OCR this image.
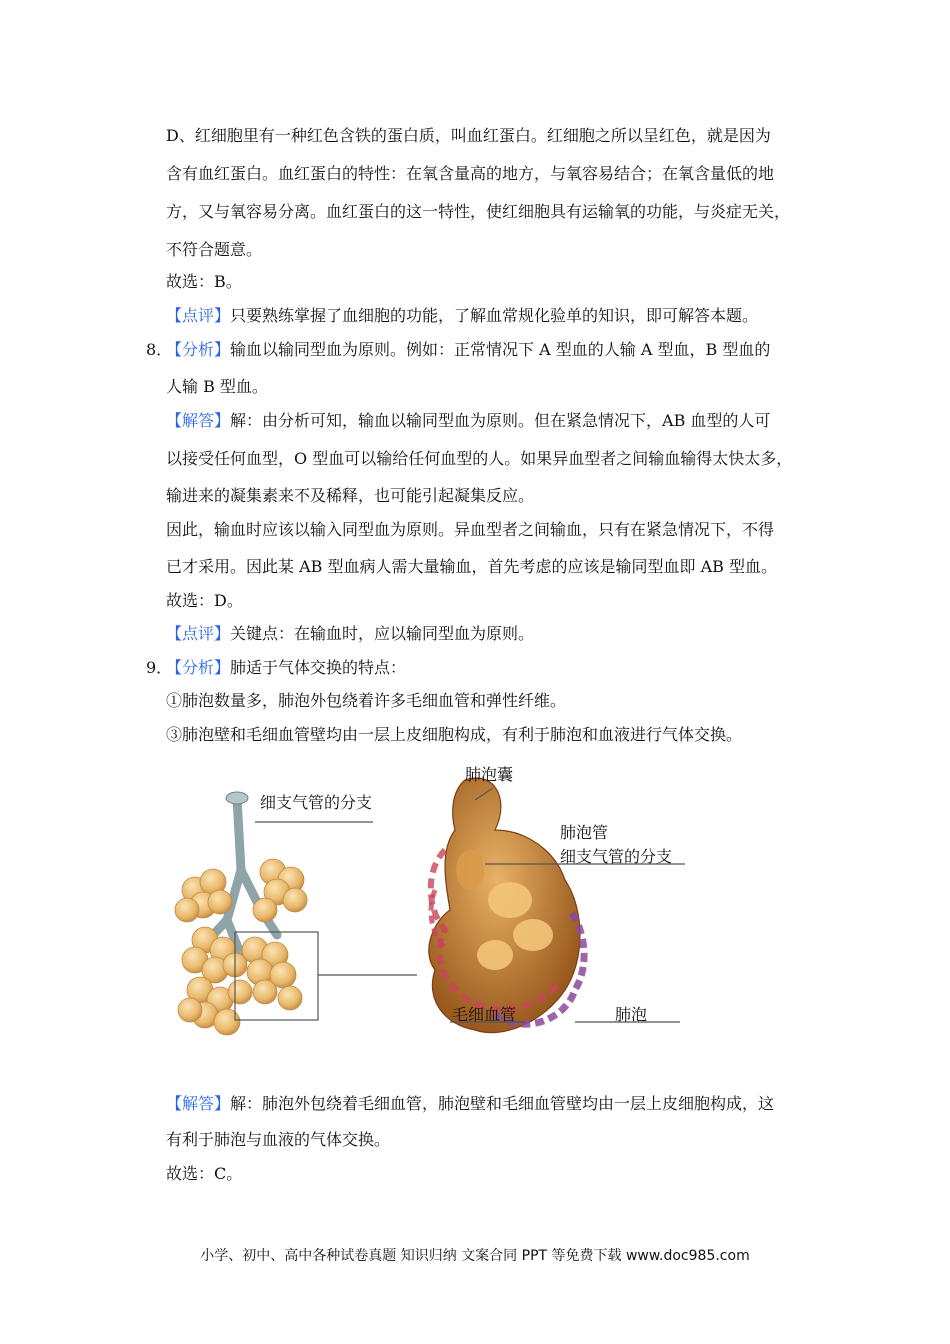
D、红细胞里有一种红色含铁的蛋白质，叫血红蛋白。红细胞之所以呈红色，就是因为
含有血红蛋白。血红蛋白的特性：在氧含量高的地方，与氧容易结合；在氧含量低的地
方，又与氧容易分离。血红蛋白的这一特性，使红细胞具有运输氧的功能，与炎症无关，
不符合题意。
故选：B。
【点评】只要熟练掌握了血细胞的功能，了解血常规化验单的知识，即可解答本题。
8．
【分析】输血以输同型血为原则。例如：正常情况下 A 型血的人输 A 型血，B 型血的
人输 B 型血。
【解答】解：由分析可知，输血以输同型血为原则。但在紧急情况下，AB 血型的人可
以接受任何血型，O 型血可以输给任何血型的人。如果异血型者之间输血输得太快太多，
输进来的凝集素来不及稀释，也可能引起凝集反应。
因此，输血时应该以输入同型血为原则。异血型者之间输血，只有在紧急情况下，不得
已才采用。因此某 AB 型血病人需大量输血，首先考虑的应该是输同型血即 AB 型血。
故选：D。
【点评】关键点：在输血时，应以输同型血为原则。
9．
【分析】肺适于气体交换的特点：
①肺泡数量多，肺泡外包绕着许多毛细血管和弹性纤维。
③肺泡壁和毛细血管壁均由一层上皮细胞构成，有利于肺泡和血液进行气体交换。
细支气管的分支
肺泡囊
肺泡管
细支气管的分支
毛细血管	肺泡
【解答】解：肺泡外包绕着毛细血管，肺泡壁和毛细血管壁均由一层上皮细胞构成，这
有利于肺泡与血液的气体交换。
故选：C。
小学、初中、高中各种试卷真题 知识归纳 文案合同 PPT 等免费下载 www.doc985.com
